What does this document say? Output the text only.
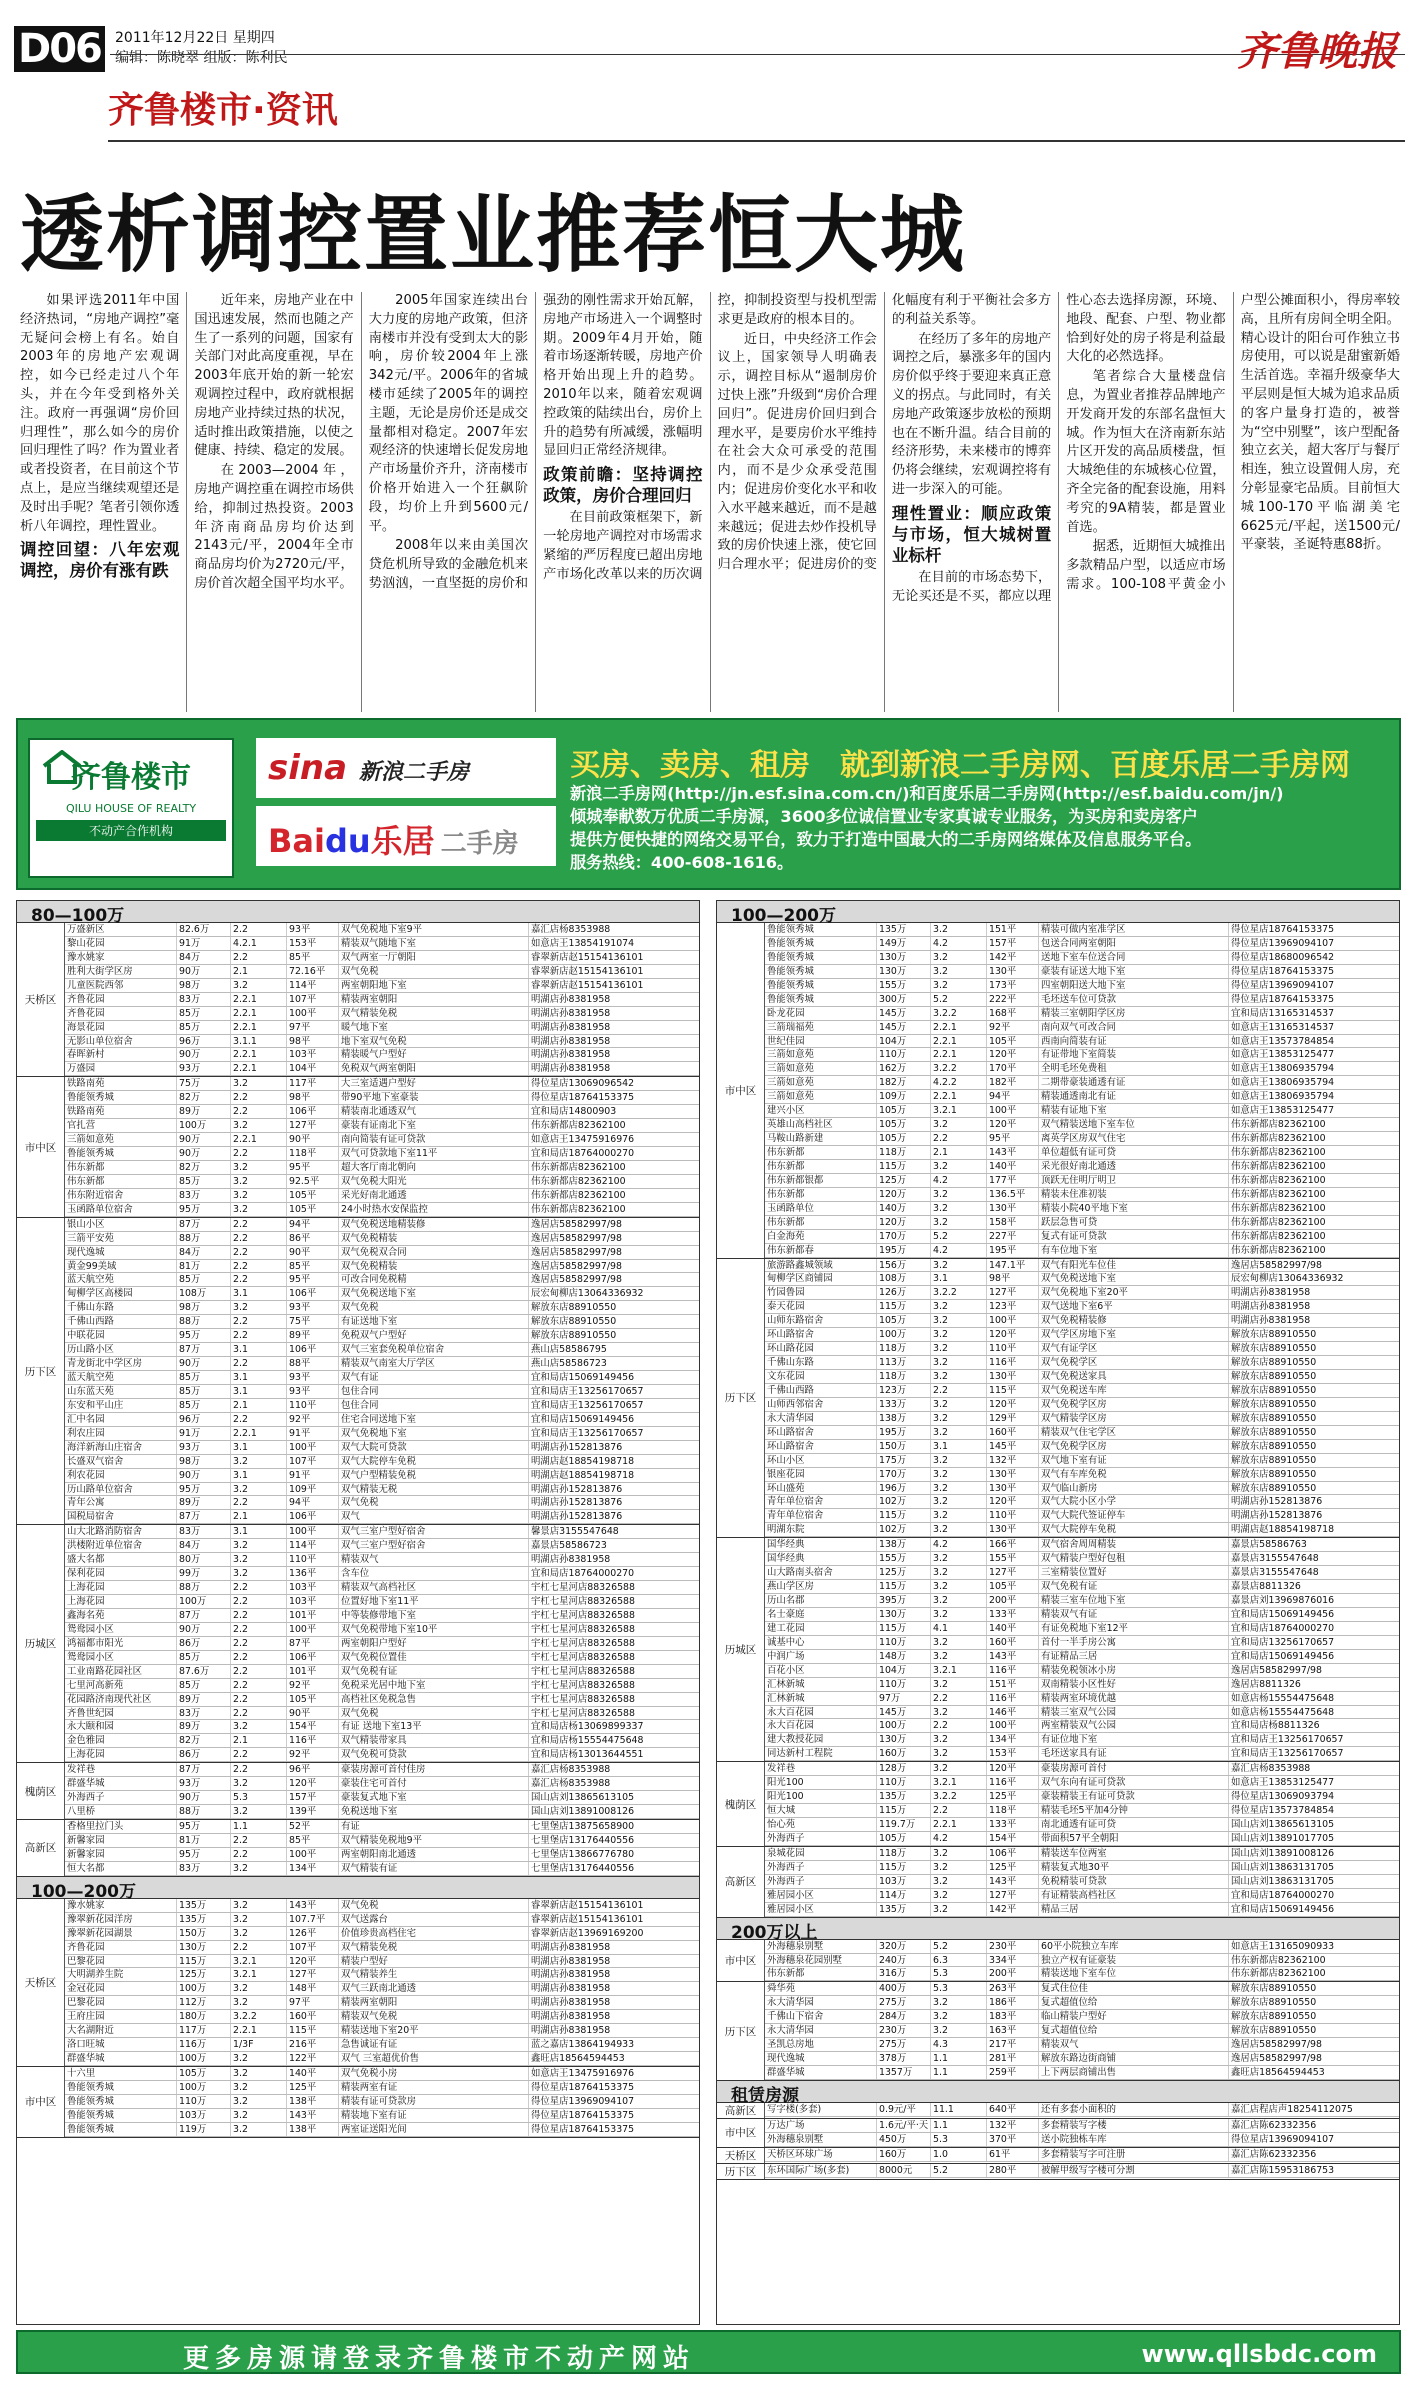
D06	2011年12月22日 星期四
编辑：陈晓翠 组版：陈利民	齐鲁晚报
齐鲁楼市·资讯
透析调控置业推荐恒大城

如果评选2011年中国经济热词，“房地产调控”毫无疑问会榜上有名。始自2003年的房地产宏观调控，如今已经走过八个年头，并在今年受到格外关注。政府一再强调“房价回归理性”，那么如今的房价回归理性了吗？作为置业者或者投资者，在目前这个节点上，是应当继续观望还是及时出手呢？笔者引领你透析八年调控，理性置业。

调控回望：八年宏观调控，房价有涨有跌

近年来，房地产业在中国迅速发展，然而也随之产生了一系列的问题，国家有关部门对此高度重视，早在2003年底开始的新一轮宏观调控过程中，政府就根据房地产业持续过热的状况，适时推出政策措施，以使之健康、持续、稳定的发展。

在2003—2004年，房地产调控重在调控市场供给，抑制过热投资。2003年济南商品房均价达到2143元/平，2004年全市商品房均价为2720元/平，房价首次超全国平均水平。

2005年国家连续出台大力度的房地产政策，但济南楼市并没有受到太大的影响，房价较2004年上涨342元/平。2006年的省城楼市延续了2005年的调控主题，无论是房价还是成交量都相对稳定。2007年宏观经济的快速增长促发房地产市场量价齐升，济南楼市价格开始进入一个狂飙阶段，均价上升到5600元/平。

2008年以来由美国次贷危机所导致的金融危机来势汹汹，一直坚挺的房价和强劲的刚性需求开始瓦解，房地产市场进入一个调整时期。2009年4月开始，随着市场逐渐转暖，房地产价格开始出现上升的趋势。2010年以来，随着宏观调控政策的陆续出台，房价上升的趋势有所减缓，涨幅明显回归正常经济规律。

政策前瞻：坚持调控政策，房价合理回归

在目前政策框架下，新一轮房地产调控对市场需求紧缩的严厉程度已超出房地产市场化改革以来的历次调控，抑制投资型与投机型需求更是政府的根本目的。

近日，中央经济工作会议上，国家领导人明确表示，调控目标从“遏制房价过快上涨”升级到“房价合理回归”。促进房价回归到合理水平，是要房价水平维持在社会大众可承受的范围内，而不是少众承受范围内；促进房价变化水平和收入水平越来越近，而不是越来越远；促进去炒作投机导致的房价快速上涨，使它回归合理水平；促进房价的变化幅度有利于平衡社会多方的利益关系等。

在经历了多年的房地产调控之后，暴涨多年的国内房价似乎终于要迎来真正意义的拐点。与此同时，有关房地产政策逐步放松的预期也在不断升温。结合目前的经济形势，未来楼市的博弈仍将会继续，宏观调控将有进一步深入的可能。

理性置业：顺应政策与市场，恒大城树置业标杆

在目前的市场态势下，无论买还是不买，都应以理性心态去选择房源，环境、地段、配套、户型、物业都恰到好处的房子将是利益最大化的必然选择。

笔者综合大量楼盘信息，为置业者推荐品牌地产开发商开发的东部名盘恒大城。作为恒大在济南新东站片区开发的高品质楼盘，恒大城绝佳的东城核心位置，齐全完备的配套设施，用料考究的9A精装，都是置业首选。

据悉，近期恒大城推出多款精品户型，以适应市场需求。100-108平黄金小户型公摊面积小，得房率较高，且所有房间全明全阳。精心设计的阳台可作独立书房使用，可以说是甜蜜新婚生活首选。幸福升级豪华大平层则是恒大城为追求品质的客户量身打造的，被誉为“空中别墅”，该户型配备独立玄关，超大客厅与餐厅相连，独立设置佣人房，充分彰显豪宅品质。目前恒大城100-170平临湖美宅6625元/平起，送1500元/平豪装，圣诞特惠88折。

齐鲁楼市
QILU HOUSE OF REALTY
不动产合作机构
sina 新浪二手房
Baidu乐居 二手房
买房、卖房、租房　就到新浪二手房网、百度乐居二手房网
新浪二手房网(http://jn.esf.sina.com.cn/)和百度乐居二手房网(http://esf.baidu.com/jn/)
倾城奉献数万优质二手房源，3600多位诚信置业专家真诚专业服务，为买房和卖房客户
提供方便快捷的网络交易平台，致力于打造中国最大的二手房网络媒体及信息服务平台。
服务热线：400-608-1616。
80—100万
天桥区
万盛新区	82.6万	2.2	93平	双气免税地下室9平	嘉汇店杨8353988
黎山花园	91万	4.2.1	153平	精装双气随地下室	如意店王13854191074
豫水姚家	84万	2.2	85平	双气两室一厅朝阳	睿翠新店赵15154136101
胜利大街学区房	90万	2.1	72.16平	双气免税	睿翠新店赵15154136101
儿童医院西邻	98万	3.2	114平	两室朝阳地下室	睿翠新店赵15154136101
齐鲁花园	83万	2.2.1	107平	精装两室朝阳	明湖店孙8381958
齐鲁花园	85万	2.2.1	100平	双气精装免税	明湖店孙8381958
海景花园	85万	2.2.1	97平	暖气地下室	明湖店孙8381958
无影山单位宿舍	96万	3.1.1	98平	地下室双气免税	明湖店孙8381958
春晖新村	90万	2.2.1	103平	精装暖气户型好	明湖店孙8381958
万盛园	93万	2.2.1	104平	免税双气两室朝阳	明湖店孙8381958
市中区
铁路南苑	75万	3.2	117平	大三室适遇户型好	得位星店13069096542
鲁能领秀城	82万	2.2	98平	带90平地下室豪装	得位星店18764153375
铁路南苑	89万	2.2	106平	精装南北通透双气	宜和局店14800903
官扎营	100万	3.2	127平	豪装有证南北下室	伟东新都店82362100
三箭如意苑	90万	2.2.1	90平	南向简装有证可贷款	如意店王13475916976
鲁能领秀城	90万	2.2	118平	双气可贷款地下室11平	宜和局店18764000270
伟东新都	82万	3.2	95平	超大客厅南北朝向	伟东新都店82362100
伟东新都	85万	3.2	92.5平	双气免税大阳光	伟东新都店82362100
伟东附近宿舍	83万	3.2	105平	采光好南北通透	伟东新都店82362100
玉函路单位宿舍	95万	3.2	105平	24小时热水安保监控	伟东新都店82362100
历下区
银山小区	87万	2.2	94平	双气免税送地精装修	逸居店58582997/98
三箭平安苑	88万	2.2	86平	双气免税精装	逸居店58582997/98
现代逸城	84万	2.2	90平	双气免税双合同	逸居店58582997/98
黄金99美域	81万	2.2	85平	双气免税精装	逸居店58582997/98
蓝天航空苑	85万	2.2	95平	可改合同免税精	逸居店58582997/98
甸柳学区高楼园	108万	3.1	106平	双气免税送地下室	辰宏甸柳店13064336932
千佛山东路	98万	3.2	93平	双气免税	解放东店88910550
千佛山西路	88万	2.2	75平	有证送地下室	解放东店88910550
中联花园	95万	2.2	89平	免税双气户型好	解放东店88910550
历山路小区	87万	3.1	106平	双气三室套免税单位宿舍	燕山店58586795
青龙街北中学区房	90万	2.2	88平	精装双气南室大厅学区	燕山店58586723
蓝天航空苑	85万	3.1	93平	双气有证	宜和局店15069149456
山东蓝天苑	85万	3.1	93平	包住合同	宜和局店王13256170657
东安和平山庄	85万	2.1	110平	包住合同	宜和局店王13256170657
汇中名园	96万	2.2	92平	住宅合同送地下室	宜和局店15069149456
利农庄园	91万	2.2.1	91平	双气免税地下室	宜和局店王13256170657
海洋新海山庄宿舍	93万	3.1	100平	双气大院可贷款	明湖店孙152813876
长盛双气宿舍	98万	3.2	107平	双气大院停车免税	明湖店赵18854198718
利农花园	90万	3.1	91平	双气户型精装免税	明湖店赵18854198718
历山路单位宿舍	95万	3.2	109平	双气精装无税	明湖店孙152813876
青年公寓	89万	2.2	94平	双气免税	明湖店孙152813876
国税局宿舍	87万	2.1	106平	双气	明湖店孙152813876
历城区
山大北路消防宿舍	83万	3.1	100平	双气三室户型好宿舍	馨景店3155547648
洪楼附近单位宿舍	84万	3.2	114平	双气三室户型好宿舍	嘉景店58586723
盛大名都	80万	3.2	110平	精装双气	明湖店孙8381958
保利花园	99万	3.2	136平	含车位	宜和局店18764000270
上海花园	88万	2.2	103平	精装双气高档社区	宇杠七星河店88326588
上海花园	100万	2.2	103平	位置好地下室11平	宇杠七星河店88326588
鑫海名苑	87万	2.2	101平	中等装修带地下室	宇杠七星河店88326588
鸳鸯园小区	90万	2.2	100平	双气免税带地下室10平	宇杠七星河店88326588
鸿福都市阳光	86万	2.2	87平	两室朝阳户型好	宇杠七星河店88326588
鸳鸯园小区	85万	2.2	106平	双气免税位置佳	宇杠七星河店88326588
工业南路花园社区	87.6万	2.2	101平	双气免税有证	宇杠七星河店88326588
七里河高新苑	85万	2.2	92平	免税采光居中地下室	宇杠七星河店88326588
花园路济南现代社区	89万	2.2	105平	高档社区免税急售	宇杠七星河店88326588
齐鲁世纪园	83万	2.2	90平	双气免税	宇杠七星河店88326588
永大颐和园	89万	3.2	154平	有证 送地下室13平	宜和局店杨13069899337
金色雅园	82万	2.1	116平	双气精装带家具	宜和局店杨15554475648
上海花园	86万	2.2	92平	双气免税可贷款	宜和局店杨13013644551
槐荫区
发祥巷	87万	2.2	96平	豪装房源可首付佳房	嘉汇店杨8353988
群盛华城	93万	3.2	120平	豪装住宅可首付	嘉汇店杨8353988
外海西子	90万	5.3	157平	豪装复式地下室	国山店刘13865613105
八里桥	88万	3.2	139平	免税送地下室	国山店刘13891008126
高新区
香格里拉门头	95万	1.1	52平	有证	七里堡店13875658900
新馨家园	81万	2.2	85平	双气精装免税地9平	七里堡店13176440556
新馨家园	95万	2.2	100平	两室朝阳南北通透	七里堡店13866776780
恒大名都	83万	3.2	134平	双气精装有证	七里堡店13176440556
100—200万
天桥区
豫水姚家	135万	3.2	143平	双气免税	睿翠新店赵15154136101
豫翠新花园洋房	135万	3.2	107.7平	双气送露台	睿翠新店赵15154136101
豫翠新花园湖景	150万	3.2	126平	价值珍贵高档住宅	睿翠新店赵13969169200
齐鲁花园	130万	2.2	107平	双气精装免税	明湖店孙8381958
巴黎花园	115万	3.2.1	120平	精装户型好	明湖店孙8381958
大明湖养生院	125万	3.2.1	127平	双气精装养生	明湖店孙8381958
金冠花园	100万	3.2	148平	双气三跃南北通透	明湖店孙8381958
巴黎花园	112万	3.2	97平	精装两室朝阳	明湖店孙8381958
王府庄园	180万	3.2.2	160平	精装双气免税	明湖店孙8381958
大名湖附近	117万	2.2.1	115平	精装送地下室20平	明湖店孙8381958
洛口旺城	116万	1/3F	216平	急售诚证有证	蓝之嘉店13864194933
群盛华城	100万	3.2	122平	双气 三室超优价售	鑫旺店18564594453
市中区
十六里	105万	3.2	140平	双气免税小房	如意店王13475916976
鲁能领秀城	100万	3.2	125平	精装两室有证	得位星店18764153375
鲁能领秀城	110万	3.2	138平	精装有证可贷款房	得位星店13969094107
鲁能领秀城	103万	3.2	143平	精装地下室有证	得位星店18764153375
鲁能领秀城	119万	3.2	138平	两室证送阳光间	得位星店18764153375
100—200万
市中区
鲁能领秀城	135万	3.2	151平	精装可做内室准学区	得位星店18764153375
鲁能领秀城	149万	4.2	157平	包送合同两室朝阳	得位星店13969094107
鲁能领秀城	130万	3.2	142平	送地下室车位送合同	得位星店18680096542
鲁能领秀城	130万	3.2	130平	豪装有证送大地下室	得位星店18764153375
鲁能领秀城	155万	3.2	173平	四室朝阳送大地下室	得位星店13969094107
鲁能领秀城	300万	5.2	222平	毛坯送车位可贷款	得位星店18764153375
卧龙花园	145万	3.2.2	168平	精装三室朝阳学区房	宜和局店13165314537
三箭瑞福苑	145万	2.2.1	92平	南向双气可改合同	如意店王13165314537
世纪佳园	104万	2.2.1	105平	西南向简装有证	如意店王13573784854
三箭如意苑	110万	2.2.1	120平	有证带地下室简装	如意店王13853125477
三箭如意苑	162万	3.2.2	170平	全明毛坯免费租	如意店王13806935794
三箭如意苑	182万	4.2.2	182平	二期带豪装通透有证	如意店王13806935794
三箭如意苑	109万	2.2.1	94平	精装通透南北有证	如意店王13806935794
建兴小区	105万	3.2.1	100平	精装有证地下室	如意店王13853125477
英雄山高档社区	105万	3.2	120平	双气精装送地下室车位	伟东新都店82362100
马鞍山路新建	105万	2.2	95平	离英学区房双气住宅	伟东新都店82362100
伟东新都	118万	2.1	143平	单位超低有证可贷	伟东新都店82362100
伟东新都	115万	3.2	140平	采光很好南北通透	伟东新都店82362100
伟东新都银都	125万	4.2	177平	顶跃无住明厅明卫	伟东新都店82362100
伟东新都	120万	3.2	136.5平	精装未住准初装	伟东新都店82362100
玉函路单位	140万	3.2	130平	精装小院40平地下室	伟东新都店82362100
伟东新都	120万	3.2	158平	跃层急售可贷	伟东新都店82362100
白金海苑	170万	5.2	227平	复式有证可贷款	伟东新都店82362100
伟东新都春	195万	4.2	195平	有车位地下室	伟东新都店82362100
历下区
旅游路鑫城领域	156万	3.2	147.1平	双气有阳光车位佳	逸居店58582997/98
甸柳学区商铺园	108万	3.1	98平	双气免税送地下室	辰宏甸柳店13064336932
竹园鲁园	126万	3.2.2	127平	双气免税地下室20平	明湖店孙8381958
泰天花园	115万	3.2	123平	双气送地下室6平	明湖店孙8381958
山师东路宿舍	105万	3.2	100平	双气免税精装修	明湖店孙8381958
环山路宿舍	100万	3.2	120平	双气学区房地下室	解放东店88910550
环山路花园	118万	3.2	110平	双气有证学区	解放东店88910550
千佛山东路	113万	3.2	116平	双气免税学区	解放东店88910550
文东花园	118万	3.2	130平	双气免税送家具	解放东店88910550
千佛山西路	123万	2.2	115平	双气免税送车库	解放东店88910550
山师西邻宿舍	133万	3.2	120平	双气免税学区房	解放东店88910550
永大清华园	138万	3.2	129平	双气精装学区房	解放东店88910550
环山路宿舍	195万	3.2	160平	精装双气住宅学区	解放东店88910550
环山路宿舍	150万	3.1	145平	双气免税学区房	解放东店88910550
环山小区	175万	3.2	132平	双气地下室有证	解放东店88910550
银座花园	170万	3.2	130平	双气有车库免税	解放东店88910550
环山盛苑	196万	3.2	130平	双气临山新房	解放东店88910550
青年单位宿舍	102万	3.2	120平	双气大院小区小学	明湖店孙152813876
青年单位宿舍	115万	3.2	110平	双气大院代签证停车	明湖店孙152813876
明湖东院	102万	3.2	130平	双气大院停车免税	明湖店赵18854198718
历城区
国华经典	138万	4.2	166平	双气宿舍周周精装	嘉景店58586763
国华经典	155万	3.2	155平	双气精装户型好包租	嘉景店3155547648
山大路南头宿舍	125万	3.2	127平	三室精装位置好	嘉景店3155547648
燕山学区房	115万	3.2	105平	双气免税有证	嘉景店8811326
历山名郡	395万	3.2	200平	精装三室车位地下室	嘉景店刘13969876016
名士豪庭	130万	3.2	133平	精装双气有证	宜和局店15069149456
建工花园	115万	4.1	140平	有证免税地下室12平	宜和局店18764000270
诚基中心	110万	3.2	160平	首付一半手房公寓	宜和局店13256170657
中润广场	148万	3.2	143平	有证精品三居	宜和局店15069149456
百花小区	104万	3.2.1	116平	精装免税领冰小房	逸居店58582997/98
汇林新城	110万	3.2	151平	双南精装小区性好	逸居店8811326
汇林新城	97万	2.2	116平	精装两室环境优越	如意店杨15554475648
永大百花园	145万	3.2	146平	精装三室双气公园	如意店杨15554475648
永大百花园	100万	2.2	100平	两室精装双气公园	宜和局店杨8811326
建大教授花园	130万	3.2	134平	有证位地下室	宜和局店王13256170657
同达新村工程院	160万	3.2	153平	毛坯送家具有证	宜和局店王13256170657
槐荫区
发祥巷	128万	3.2	120平	豪装房源可首付	嘉汇店杨8353988
阳光100	110万	3.2.1	116平	双气东向有证可贷款	如意店王13853125477
阳光100	135万	3.2.2	125平	豪装精装王有证可贷款	得位星店13069093794
恒大城	115万	2.2	118平	精装毛坯5平加4分钟	得位星店13573784854
怡心苑	119.7万	2.2.1	133平	南北通透有证可贷	国山店刘13865613105
外海西子	105万	4.2	154平	带面积57平全朝阳	国山店刘13891017705
高新区
泉城花园	118万	3.2	106平	精装送车位两室	国山店刘13891008126
外海西子	115万	3.2	125平	精装复式地30平	国山店刘13863131705
外海西子	103万	3.2	143平	免税精装可贷款	国山店刘13863131705
雅居园小区	114万	3.2	127平	有证精装高档社区	宜和局店18764000270
雅居园小区	135万	3.2	142平	精品三居	宜和局店15069149456
200万以上
市中区
外海穗泉别墅	320万	5.2	230平	60平小院独立车库	如意店王13165090933
外海穗泉花园别墅	240万	6.3	334平	独立产权有证豪装	伟东新都店82362100
伟东新都	316万	5.3	200平	精装送地下室车位	伟东新都店82362100
历下区
舜华苑	400万	5.3	263平	复式住位佳	解放东店88910550
永大清华园	275万	3.2	186平	复式超值位给	解放东店88910550
千佛山下宿舍	284万	3.2	183平	临山精装户型好	解放东店88910550
永大清华园	230万	3.2	163平	复式超值位给	解放东店88910550
圣凯总房地	275万	4.3	217平	精装双气	逸居店58582997/98
现代逸城	378万	1.1	281平	解放东路边街商铺	逸居店58582997/98
群盛华城	1357万	1.1	259平	上下两层商铺出售	鑫旺店18564594453
租赁房源
高新区	写字楼(多套)	0.9元/平	11.1	640平	还有多套小面积的	嘉汇店程店声18254112075
市中区
万达广场	1.6元/平·天 1.1	132平	多套精装写字楼	嘉汇店陈62332356
外海穗泉别墅	450万	5.3	370平	送小院独栋车库	得位星店13969094107
天桥区	天桥区环球广场	160万	1.0	61平	多套精装写字可注册	嘉汇店陈62332356
历下区	东环国际广场(多套)	8000元	5.2	280平	被解甲级写字楼可分割	嘉汇店陈15953186753
更多房源请登录齐鲁楼市不动产网站	www.qllsbdc.com
